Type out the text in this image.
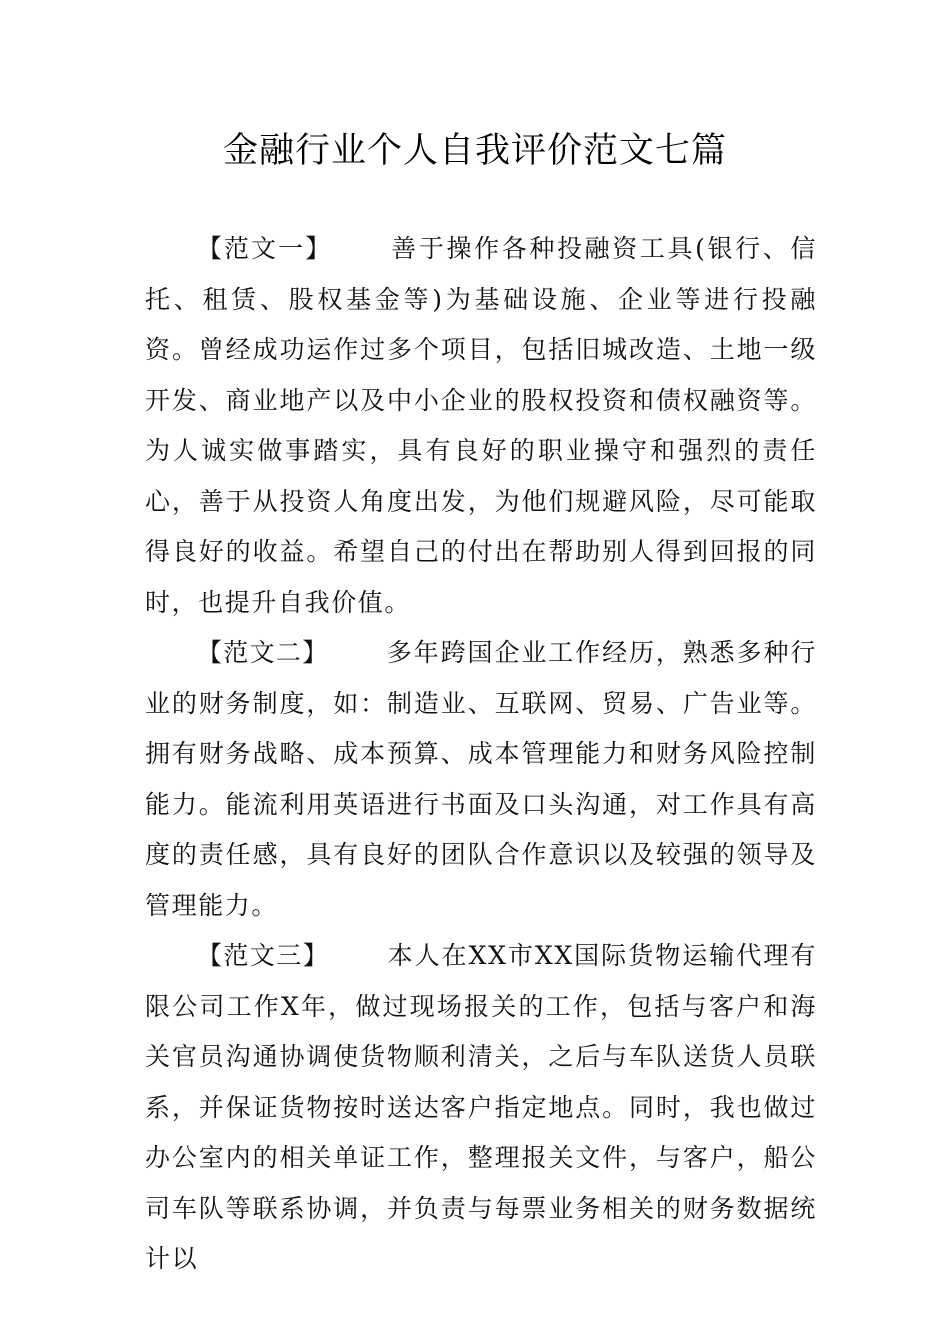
金融行业个人自我评价范文七篇

【范文一】 善于操作各种投融资工具(银行、信托、租赁、股权基金等)为基础设施、企业等进行投融资。曾经成功运作过多个项目，包括旧城改造、土地一级开发、商业地产以及中小企业的股权投资和债权融资等。为人诚实做事踏实，具有良好的职业操守和强烈的责任心，善于从投资人角度出发，为他们规避风险，尽可能取得良好的收益。希望自己的付出在帮助别人得到回报的同时，也提升自我价值。

【范文二】 多年跨国企业工作经历，熟悉多种行业的财务制度，如：制造业、互联网、贸易、广告业等。拥有财务战略、成本预算、成本管理能力和财务风险控制能力。能流利用英语进行书面及口头沟通，对工作具有高度的责任感，具有良好的团队合作意识以及较强的领导及管理能力。

【范文三】 本人在XX市XX国际货物运输代理有限公司工作X年，做过现场报关的工作，包括与客户和海关官员沟通协调使货物顺利清关，之后与车队送货人员联系，并保证货物按时送达客户指定地点。同时，我也做过办公室内的相关单证工作，整理报关文件，与客户，船公司车队等联系协调，并负责与每票业务相关的财务数据统计以
